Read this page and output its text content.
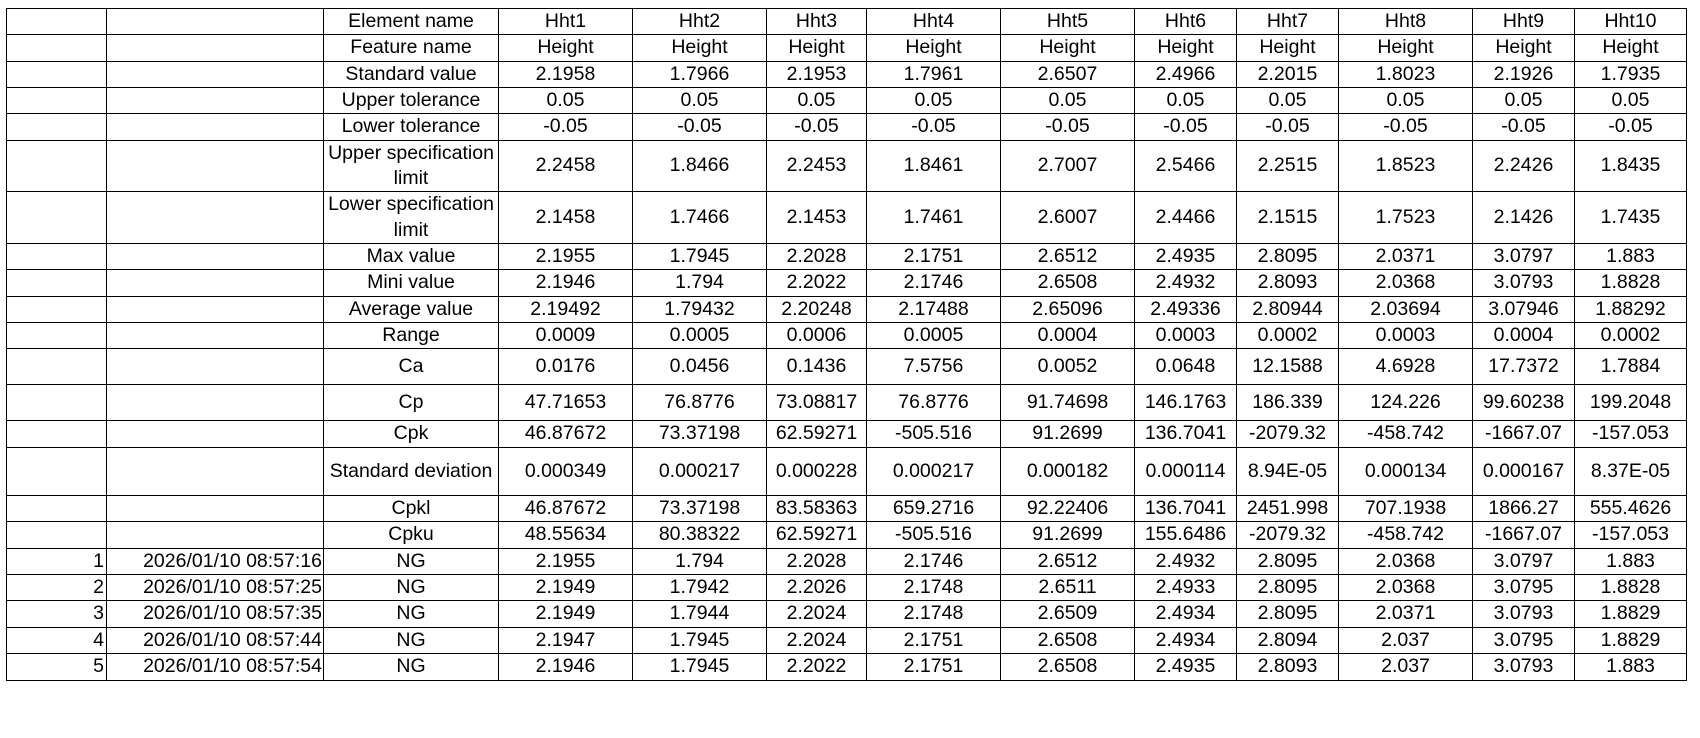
		Element name	Hht1	Hht2	Hht3	Hht4	Hht5	Hht6	Hht7	Hht8	Hht9	Hht10
		Feature name	Height	Height	Height	Height	Height	Height	Height	Height	Height	Height
		Standard value	2.1958	1.7966	2.1953	1.7961	2.6507	2.4966	2.2015	1.8023	2.1926	1.7935
		Upper tolerance	0.05	0.05	0.05	0.05	0.05	0.05	0.05	0.05	0.05	0.05
		Lower tolerance	-0.05	-0.05	-0.05	-0.05	-0.05	-0.05	-0.05	-0.05	-0.05	-0.05
		Upper specification limit	2.2458	1.8466	2.2453	1.8461	2.7007	2.5466	2.2515	1.8523	2.2426	1.8435
		Lower specification limit	2.1458	1.7466	2.1453	1.7461	2.6007	2.4466	2.1515	1.7523	2.1426	1.7435
		Max value	2.1955	1.7945	2.2028	2.1751	2.6512	2.4935	2.8095	2.0371	3.0797	1.883
		Mini value	2.1946	1.794	2.2022	2.1746	2.6508	2.4932	2.8093	2.0368	3.0793	1.8828
		Average value	2.19492	1.79432	2.20248	2.17488	2.65096	2.49336	2.80944	2.03694	3.07946	1.88292
		Range	0.0009	0.0005	0.0006	0.0005	0.0004	0.0003	0.0002	0.0003	0.0004	0.0002
		Ca	0.0176	0.0456	0.1436	7.5756	0.0052	0.0648	12.1588	4.6928	17.7372	1.7884
		Cp	47.71653	76.8776	73.08817	76.8776	91.74698	146.1763	186.339	124.226	99.60238	199.2048
		Cpk	46.87672	73.37198	62.59271	-505.516	91.2699	136.7041	-2079.32	-458.742	-1667.07	-157.053
		Standard deviation	0.000349	0.000217	0.000228	0.000217	0.000182	0.000114	8.94E-05	0.000134	0.000167	8.37E-05
		Cpkl	46.87672	73.37198	83.58363	659.2716	92.22406	136.7041	2451.998	707.1938	1866.27	555.4626
		Cpku	48.55634	80.38322	62.59271	-505.516	91.2699	155.6486	-2079.32	-458.742	-1667.07	-157.053
1	2026/01/10 08:57:16	NG	2.1955	1.794	2.2028	2.1746	2.6512	2.4932	2.8095	2.0368	3.0797	1.883
2	2026/01/10 08:57:25	NG	2.1949	1.7942	2.2026	2.1748	2.6511	2.4933	2.8095	2.0368	3.0795	1.8828
3	2026/01/10 08:57:35	NG	2.1949	1.7944	2.2024	2.1748	2.6509	2.4934	2.8095	2.0371	3.0793	1.8829
4	2026/01/10 08:57:44	NG	2.1947	1.7945	2.2024	2.1751	2.6508	2.4934	2.8094	2.037	3.0795	1.8829
5	2026/01/10 08:57:54	NG	2.1946	1.7945	2.2022	2.1751	2.6508	2.4935	2.8093	2.037	3.0793	1.883
